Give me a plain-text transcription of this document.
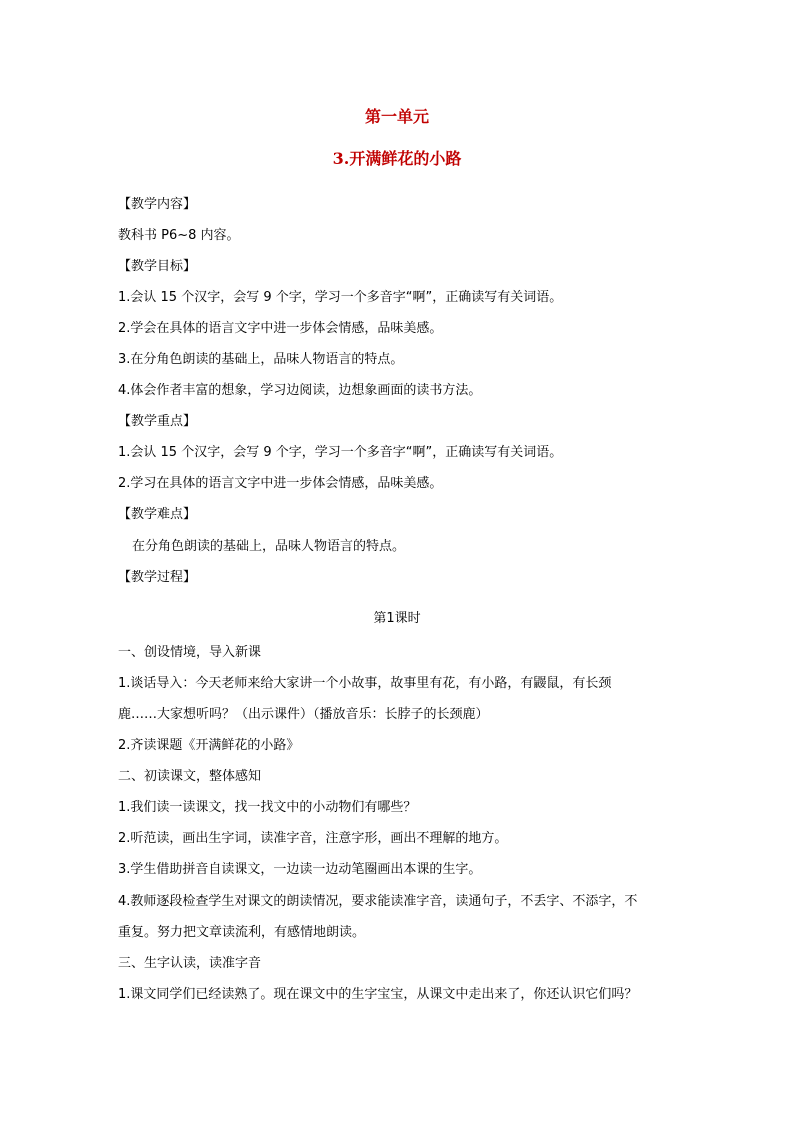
第一单元
3.开满鲜花的小路
【教学内容】
教科书 P6~8 内容。
【教学目标】
1.会认 15 个汉字，会写 9 个字，学习一个多音字“啊”，正确读写有关词语。
2.学会在具体的语言文字中进一步体会情感，品味美感。
3.在分角色朗读的基础上，品味人物语言的特点。
4.体会作者丰富的想象，学习边阅读，边想象画面的读书方法。
【教学重点】
1.会认 15 个汉字，会写 9 个字，学习一个多音字“啊”，正确读写有关词语。
2.学习在具体的语言文字中进一步体会情感，品味美感。
【教学难点】
在分角色朗读的基础上，品味人物语言的特点。
【教学过程】
第1课时
一、创设情境，导入新课
1.谈话导入：今天老师来给大家讲一个小故事，故事里有花，有小路，有鼹鼠，有长颈
鹿……大家想听吗？（出示课件）（播放音乐：长脖子的长颈鹿）
2.齐读课题《开满鲜花的小路》
二、初读课文，整体感知
1.我们读一读课文，找一找文中的小动物们有哪些？
2.听范读，画出生字词，读准字音，注意字形，画出不理解的地方。
3.学生借助拼音自读课文，一边读一边动笔圈画出本课的生字。
4.教师逐段检查学生对课文的朗读情况，要求能读准字音，读通句子，不丢字、不添字，不
重复。努力把文章读流利，有感情地朗读。
三、生字认读，读准字音
1.课文同学们已经读熟了。现在课文中的生字宝宝，从课文中走出来了，你还认识它们吗？
